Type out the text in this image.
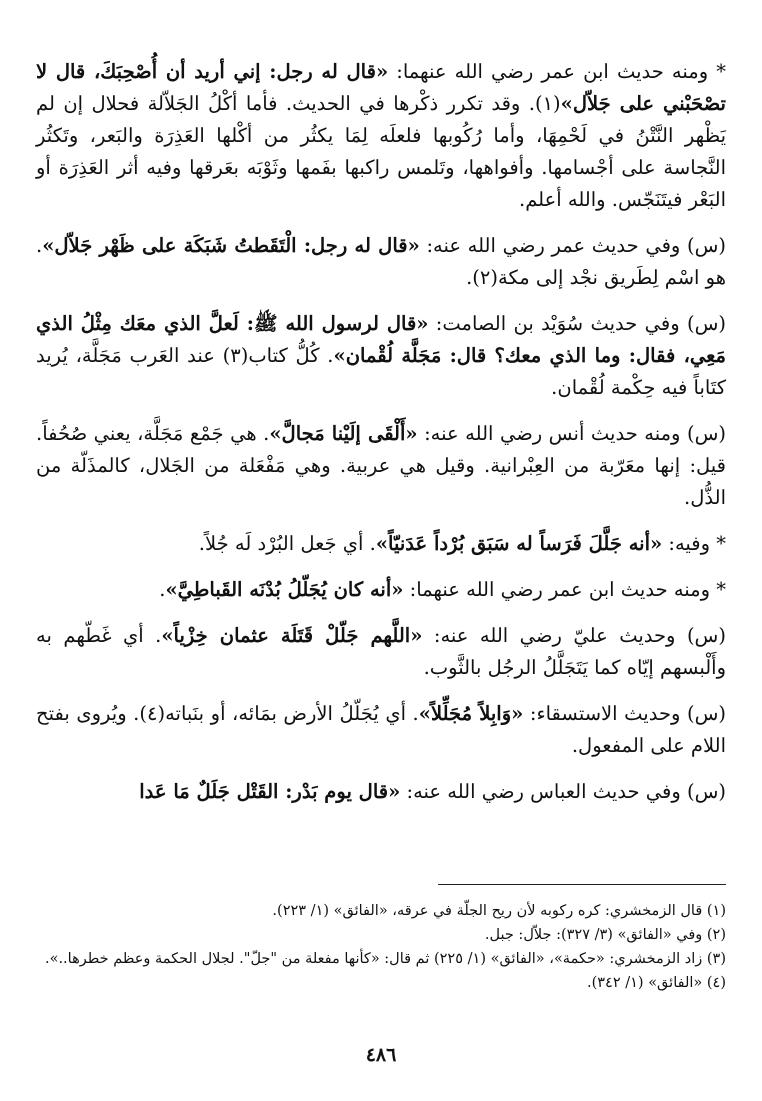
* ومنه حديث ابن عمر رضي الله عنهما: «قال له رجل: إني أريد أن أُصْحِبَكَ، قال لا تصْحَبْني على جَلاّل»(١). وقد تكرر ذكْرها في الحديث. فأما أكْلُ الجَلاّلة فحلال إن لم يَظْهر النَّتْنُ في لَحْمِهَا، وأما رُكُوبها فلعلَه لِمَا يكثُر من أكْلها العَذِرَة والبَعر، وتَكثُر النَّجاسة على أجْسامها. وأفواهها، وتَلمس راكبها بفَمها وثَوْبَه بعَرقها وفيه أثر العَذِرَة أو البَعْر فيتَنَجّس. والله أعلم.

(س) وفي حديث عمر رضي الله عنه: «قال له رجل: الْتَقَطتُ شَبَكَة على ظَهْر جَلاّل». هو اسْم لِطَريق نجْد إلى مكة(٢).

(س) وفي حديث سُوَيْد بن الصامت: «قال لرسول الله ﷺ: لَعلَّ الذي معَك مِثْلُ الذي مَعِي، فقال: وما الذي معك؟ قال: مَجَلَّة لُقْمان». كُلُّ كتاب(٣) عند العَرب مَجَلَّة، يُريد كتَاباً فيه حِكْمة لُقْمان.

(س) ومنه حديث أنس رضي الله عنه: «أَلْقَى إلَيْنا مَجالَّ». هي جَمْع مَجَلَّة، يعني صُحُفاً. قيل: إنها معَرّبة من العِبْرانية. وقيل هي عربية. وهي مَفْعَلة من الجَلال، كالمذَلّة من الذُّل.

* وفيه: «أنه جَلَّلَ فَرَساً له سَبَق بُرْداً عَدَنيّاً». أي جَعل البُرْد لَه جُلاً.

* ومنه حديث ابن عمر رضي الله عنهما: «أنه كان يُجَلّلُ بُدْنَه القَباطِيَّ».

(س) وحديث عليّ رضي الله عنه: «اللَّهم جَلّلْ قَتَلَة عثمان خِزْياً». أي غَطّهم به وأَلْبسهم إيّاه كما يَتَجَلَّلُ الرجُل بالثَّوب.

(س) وحديث الاستسقاء: «وَابِلاً مُجَلِّلاً». أي يُجَلّلُ الأرض بمَائه، أو بنَباته(٤). ويُروى بفتح اللام على المفعول.

(س) وفي حديث العباس رضي الله عنه: «قال يوم بَدْر: القَتْل جَلَلٌ مَا عَدا

(١) قال الزمخشري: كره ركوبه لأن ريح الجلّة في عرقه، «الفائق» (١/ ٢٢٣).

(٢) وفي «الفائق» (٣/ ٣٢٧): جلاّل: جبل.

(٣) زاد الزمخشري: «حكمة»، «الفائق» (١/ ٢٢٥) ثم قال: «كأنها مفعلة من "جلّ". لجلال الحكمة وعظم خطرها..».

(٤) «الفائق» (١/ ٣٤٢).

٤٨٦
